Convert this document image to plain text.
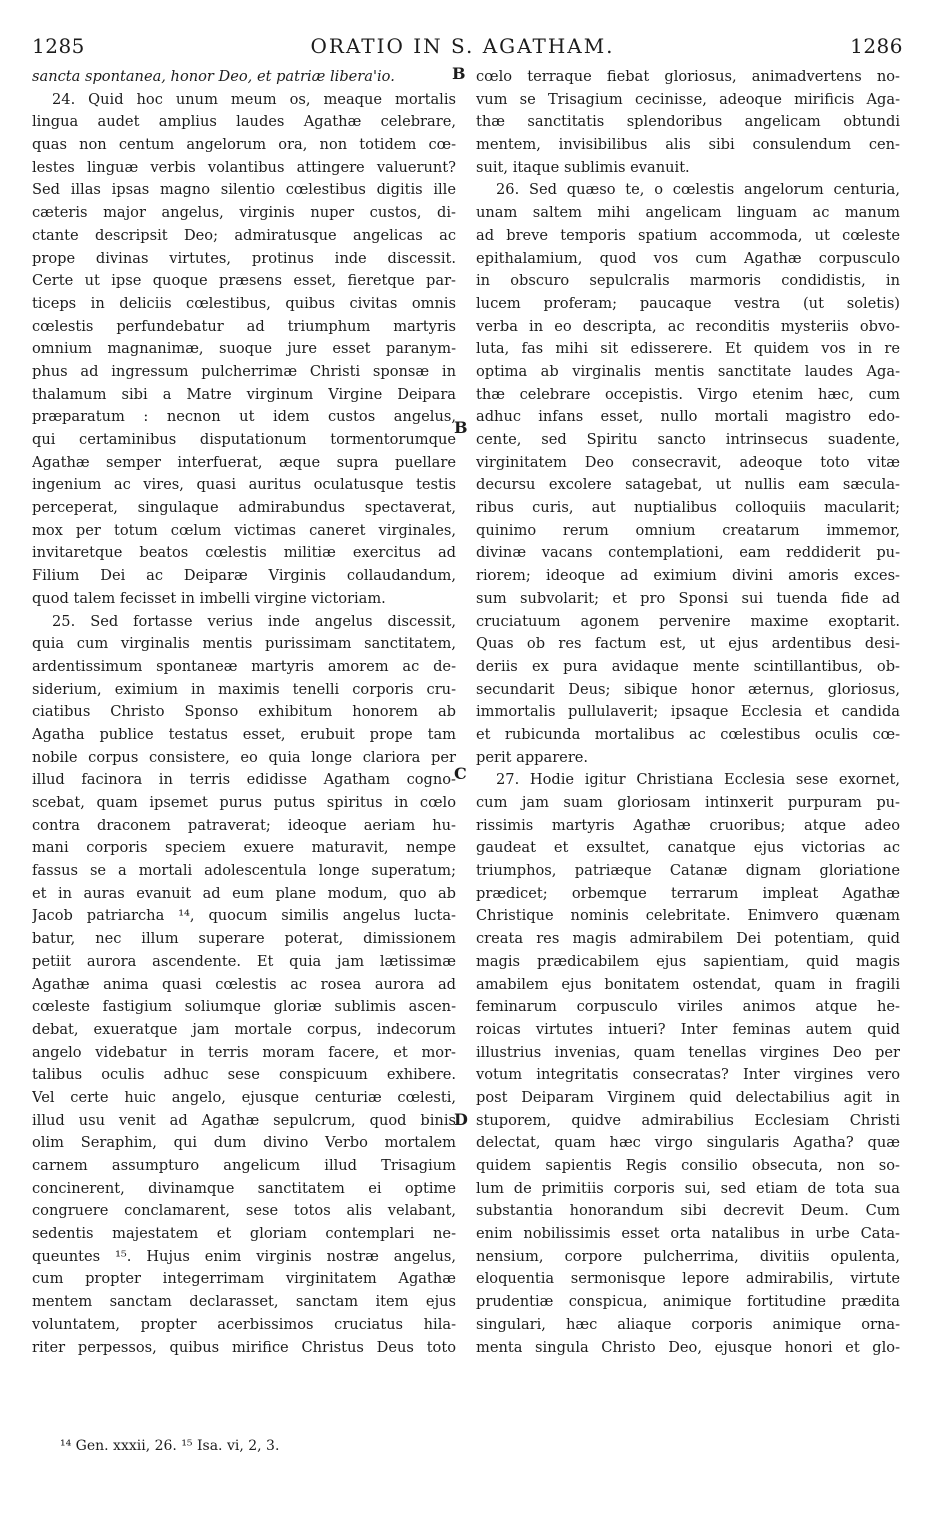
1285	ORATIO IN S. AGATHAM.	1286
sancta spontanea, honor Deo, et patriæ libera'io.
24. Quid hoc unum meum os, meaque mortalis
lingua audet amplius laudes Agathæ celebrare,
quas non centum angelorum ora, non totidem cœ-
lestes linguæ verbis volantibus attingere valuerunt?
Sed illas ipsas magno silentio cœlestibus digitis ille
cæteris major angelus, virginis nuper custos, di-
ctante descripsit Deo; admiratusque angelicas ac
prope divinas virtutes, protinus inde discessit.
Certe ut ipse quoque præsens esset, fieretque par-
ticeps in deliciis cœlestibus, quibus civitas omnis
cœlestis perfundebatur ad triumphum martyris
omnium magnanimæ, suoque jure esset paranym-
phus ad ingressum pulcherrimæ Christi sponsæ in
thalamum sibi a Matre virginum Virgine Deipara
præparatum : necnon ut idem custos angelus,
qui certaminibus disputationum tormentorumque
Agathæ semper interfuerat, æque supra puellare
ingenium ac vires, quasi auritus oculatusque testis
perceperat, singulaque admirabundus spectaverat,
mox per totum cœlum victimas caneret virginales,
invitaretque beatos cœlestis militiæ exercitus ad
Filium Dei ac Deiparæ Virginis collaudandum,
quod talem fecisset in imbelli virgine victoriam.
25. Sed fortasse verius inde angelus discessit,
quia cum virginalis mentis purissimam sanctitatem,
ardentissimum spontaneæ martyris amorem ac de-
siderium, eximium in maximis tenelli corporis cru-
ciatibus Christo Sponso exhibitum honorem ab
Agatha publice testatus esset, erubuit prope tam
nobile corpus consistere, eo quia longe clariora per
illud facinora in terris edidisse Agatham cogno-
scebat, quam ipsemet purus putus spiritus in cœlo
contra draconem patraverat; ideoque aeriam hu-
mani corporis speciem exuere maturavit, nempe
fassus se a mortali adolescentula longe superatum;
et in auras evanuit ad eum plane modum, quo ab
Jacob patriarcha ¹⁴, quocum similis angelus lucta-
batur, nec illum superare poterat, dimissionem
petiit aurora ascendente. Et quia jam lætissimæ
Agathæ anima quasi cœlestis ac rosea aurora ad
cœleste fastigium soliumque gloriæ sublimis ascen-
debat, exueratque jam mortale corpus, indecorum
angelo videbatur in terris moram facere, et mor-
talibus oculis adhuc sese conspicuum exhibere.
Vel certe huic angelo, ejusque centuriæ cœlesti,
illud usu venit ad Agathæ sepulcrum, quod binis
olim Seraphim, qui dum divino Verbo mortalem
carnem assumpturo angelicum illud Trisagium
concinerent, divinamque sanctitatem ei optime
congruere conclamarent, sese totos alis velabant,
sedentis majestatem et gloriam contemplari ne-
queuntes ¹⁵. Hujus enim virginis nostræ angelus,
cum propter integerrimam virginitatem Agathæ
mentem sanctam declarasset, sanctam item ejus
voluntatem, propter acerbissimos cruciatus hila-
riter perpessos, quibus mirifice Christus Deus toto
cœlo terraque fiebat gloriosus, animadvertens no-
vum se Trisagium cecinisse, adeoque mirificis Aga-
thæ sanctitatis splendoribus angelicam obtundi
mentem, invisibilibus alis sibi consulendum cen-
suit, itaque sublimis evanuit.
26. Sed quæso te, o cœlestis angelorum centuria,
unam saltem mihi angelicam linguam ac manum
ad breve temporis spatium accommoda, ut cœleste
epithalamium, quod vos cum Agathæ corpusculo
in obscuro sepulcralis marmoris condidistis, in
lucem proferam; paucaque vestra (ut soletis)
verba in eo descripta, ac reconditis mysteriis obvo-
luta, fas mihi sit edisserere. Et quidem vos in re
optima ab virginalis mentis sanctitate laudes Aga-
thæ celebrare occepistis. Virgo etenim hæc, cum
adhuc infans esset, nullo mortali magistro edo-
cente, sed Spiritu sancto intrinsecus suadente,
virginitatem Deo consecravit, adeoque toto vitæ
decursu excolere satagebat, ut nullis eam sæcula-
ribus curis, aut nuptialibus colloquiis macularit;
quinimo rerum omnium creatarum immemor,
divinæ vacans contemplationi, eam reddiderit pu-
riorem; ideoque ad eximium divini amoris exces-
sum subvolarit; et pro Sponsi sui tuenda fide ad
cruciatuum agonem pervenire maxime exoptarit.
Quas ob res factum est, ut ejus ardentibus desi-
deriis ex pura avidaque mente scintillantibus, ob-
secundarit Deus; sibique honor æternus, gloriosus,
immortalis pullulaverit; ipsaque Ecclesia et candida
et rubicunda mortalibus ac cœlestibus oculis cœ-
perit apparere.
27. Hodie igitur Christiana Ecclesia sese exornet,
cum jam suam gloriosam intinxerit purpuram pu-
rissimis martyris Agathæ cruoribus; atque adeo
gaudeat et exsultet, canatque ejus victorias ac
triumphos, patriæque Catanæ dignam gloriatione
prædicet; orbemque terrarum impleat Agathæ
Christique nominis celebritate. Enimvero quænam
creata res magis admirabilem Dei potentiam, quid
magis prædicabilem ejus sapientiam, quid magis
amabilem ejus bonitatem ostendat, quam in fragili
feminarum corpusculo viriles animos atque he-
roicas virtutes intueri? Inter feminas autem quid
illustrius invenias, quam tenellas virgines Deo per
votum integritatis consecratas? Inter virgines vero
post Deiparam Virginem quid delectabilius agit in
stuporem, quidve admirabilius Ecclesiam Christi
delectat, quam hæc virgo singularis Agatha? quæ
quidem sapientis Regis consilio obsecuta, non so-
lum de primitiis corporis sui, sed etiam de tota sua
substantia honorandum sibi decrevit Deum. Cum
enim nobilissimis esset orta natalibus in urbe Cata-
nensium, corpore pulcherrima, divitiis opulenta,
eloquentia sermonisque lepore admirabilis, virtute
prudentiæ conspicua, animique fortitudine prædita
singulari, hæc aliaque corporis animique orna-
menta singula Christo Deo, ejusque honori et glo-
B
B
C
D
¹⁴ Gen. xxxii, 26. ¹⁵ Isa. vi, 2, 3.
